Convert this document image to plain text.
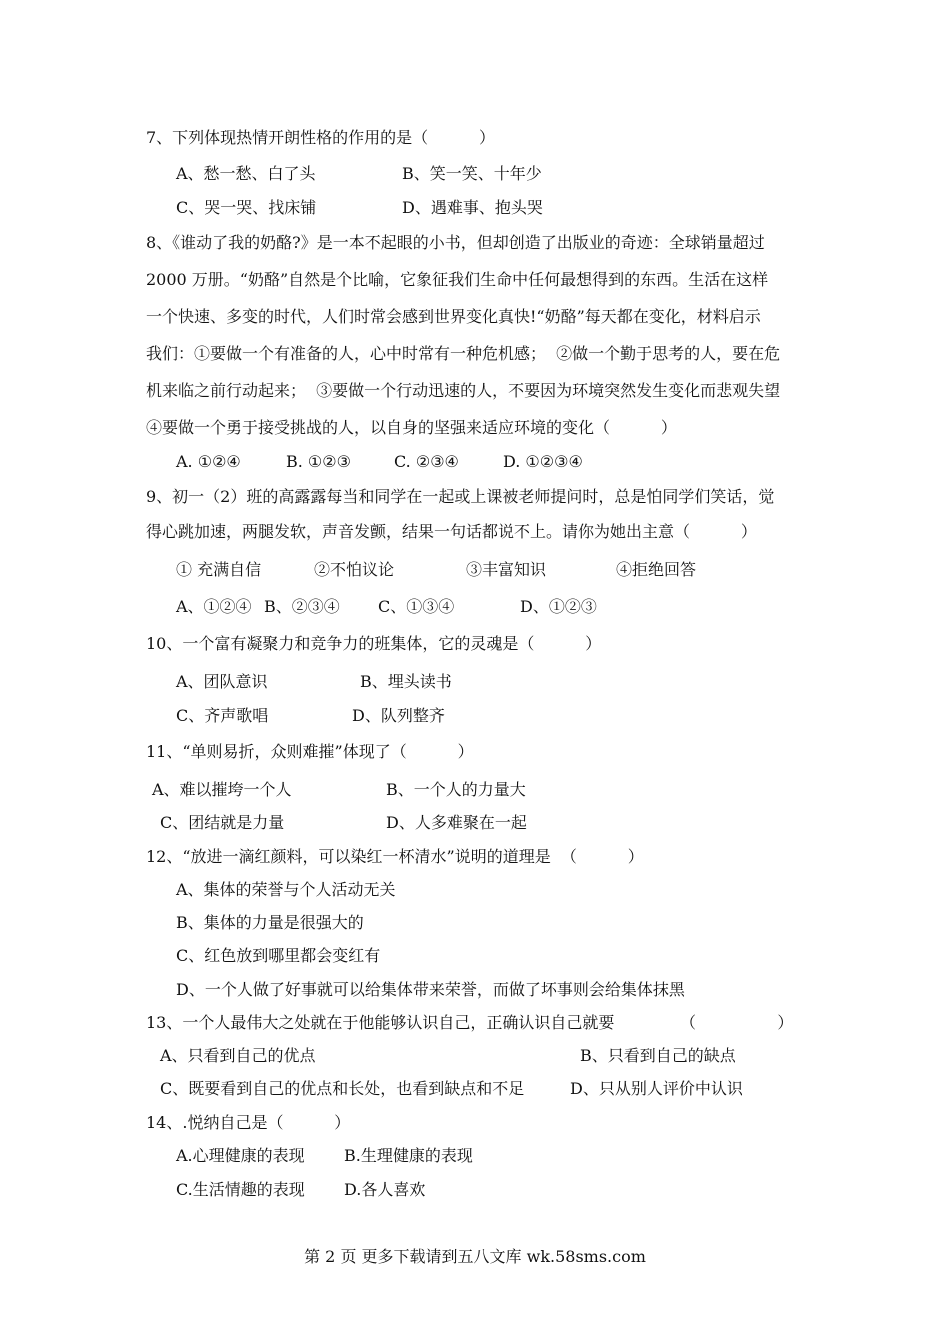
7、下列体现热情开朗性格的作用的是（          ）
A、愁一愁、白了头	B、笑一笑、十年少
C、哭一哭、找床铺	D、遇难事、抱头哭
8、《谁动了我的奶酪?》是一本不起眼的小书，但却创造了出版业的奇迹：全球销量超过
2000 万册。“奶酪”自然是个比喻，它象征我们生命中任何最想得到的东西。生活在这样
一个快速、多变的时代，人们时常会感到世界变化真快!“奶酪”每天都在变化，材料启示
我们：①要做一个有准备的人，心中时常有一种危机感；  ②做一个勤于思考的人，要在危
机来临之前行动起来；  ③要做一个行动迅速的人，不要因为环境突然发生变化而悲观失望
④要做一个勇于接受挑战的人，以自身的坚强来适应环境的变化（          ）
A. ①②④	B. ①②③	C. ②③④	D. ①②③④
9、初一（2）班的高露露每当和同学在一起或上课被老师提问时，总是怕同学们笑话，觉
得心跳加速，两腿发软，声音发颤，结果一句话都说不上。请你为她出主意（          ）
① 充满自信	②不怕议论	③丰富知识	④拒绝回答
A、①②④ B、②③④ C、①③④	D、①②③
10、一个富有凝聚力和竞争力的班集体，它的灵魂是（          ）
A、团队意识	B、埋头读书
C、齐声歌唱	D、队列整齐
11、“单则易折，众则难摧”体现了（          ）
A、难以摧垮一个人	B、一个人的力量大
C、团结就是力量	D、人多难聚在一起
12、“放进一滴红颜料，可以染红一杯清水”说明的道理是  （          ）
A、集体的荣誉与个人活动无关
B、集体的力量是很强大的
C、红色放到哪里都会变红有
D、一个人做了好事就可以给集体带来荣誉，而做了坏事则会给集体抹黑
13、一个人最伟大之处就在于他能够认识自己，正确认识自己就要	（                ）
A、只看到自己的优点	B、只看到自己的缺点
C、既要看到自己的优点和长处，也看到缺点和不足	D、只从别人评价中认识
14、.悦纳自己是（          ）
A.心理健康的表现 B.生理健康的表现
C.生活情趣的表现 D.各人喜欢
第 2 页 更多下载请到五八文库 wk.58sms.com
